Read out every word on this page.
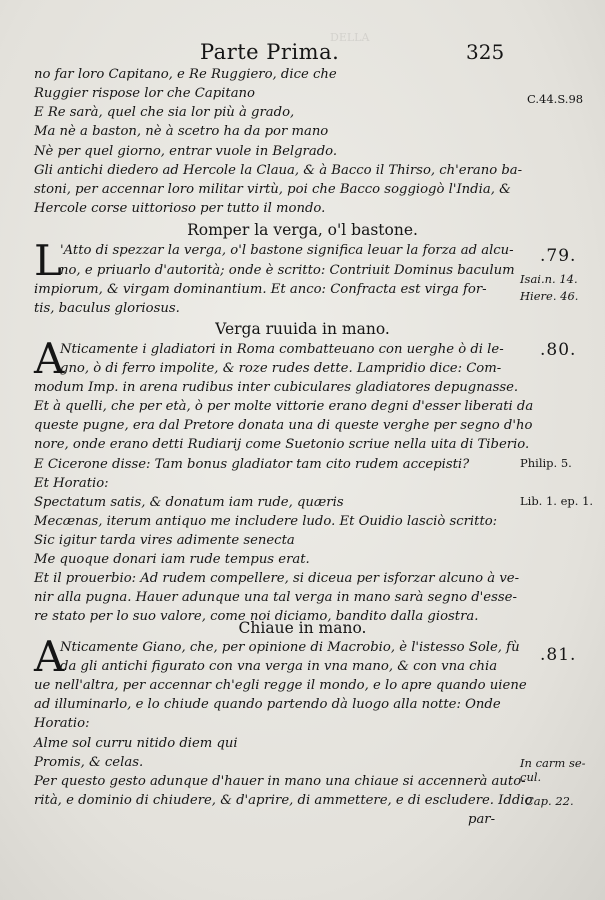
DELLA
Parte Prima.	325
no far loro Capitano, e Re Ruggiero, dice che
Ruggier rispose lor che Capitano
E Re sarà, quel che sia lor più à grado,
Ma nè a baston, nè à scetro ha da por mano
Nè per quel giorno, entrar vuole in Belgrado.
Gli antichi diedero ad Hercole la Claua, & à Bacco il Thirso, ch'erano ba-
stoni, per accennar loro militar virtù, poi che Bacco soggiogò l'India, &
Hercole corse uittorioso per tutto il mondo.
Romper la verga, o'l bastone.
L
'Atto di spezzar la verga, o'l bastone significa leuar la forza ad alcu-
no, e priuarlo d'autorità; onde è scritto: Contriuit Dominus baculum
impiorum, & virgam dominantium. Et anco: Confracta est virga for-
tis, baculus gloriosus.
Verga ruuida in mano.
A
Nticamente i gladiatori in Roma combatteuano con uerghe ò di le-
gno, ò di ferro impolite, & roze rudes dette. Lampridio dice: Com-
modum Imp. in arena rudibus inter cubiculares gladiatores depugnasse.
Et à quelli, che per età, ò per molte vittorie erano degni d'esser liberati da
queste pugne, era dal Pretore donata una di queste verghe per segno d'ho
nore, onde erano detti Rudiarij come Suetonio scriue nella uita di Tiberio.
E Cicerone disse: Tam bonus gladiator tam cito rudem accepisti?
Et Horatio:
Spectatum satis, & donatum iam rude, quæris
Mecænas, iterum antiquo me includere ludo. Et Ouidio lasciò scritto:
Sic igitur tarda vires adimente senecta
Me quoque donari iam rude tempus erat.
Et il prouerbio: Ad rudem compellere, si diceua per isforzar alcuno à ve-
nir alla pugna. Hauer adunque una tal verga in mano sarà segno d'esse-
re stato per lo suo valore, come noi diciamo, bandito dalla giostra.
Chiaue in mano.
A
Nticamente Giano, che, per opinione di Macrobio, è l'istesso Sole, fù
da gli antichi figurato con vna verga in vna mano, & con vna chia
ue nell'altra, per accennar ch'egli regge il mondo, e lo apre quando uiene
ad illuminarlo, e lo chiude quando partendo dà luogo alla notte: Onde
Horatio:
Alme sol curru nitido diem qui
Promis, & celas.
Per questo gesto adunque d'hauer in mano una chiaue si accennerà auto-
rità, e dominio di chiudere, & d'aprire, di ammettere, e di escludere. Iddio
par-
C.44.S.98
.79.
Isai.n. 14.
Hiere. 46.
.80.
Philip. 5.
Lib. 1. ep. 1.
.81.
In carm se-
cul.
Cap. 22.
